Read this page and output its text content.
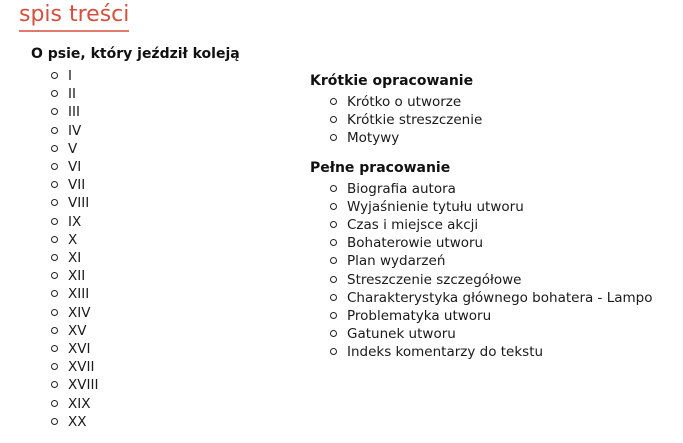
spis treści
O psie, który jeździł koleją
I
II
III
IV
V
VI
VII
VIII
IX
X
XI
XII
XIII
XIV
XV
XVI
XVII
XVIII
XIX
XX
Krótkie opracowanie
Krótko o utworze
Krótkie streszczenie
Motywy
Pełne pracowanie
Biografia autora
Wyjaśnienie tytułu utworu
Czas i miejsce akcji
Bohaterowie utworu
Plan wydarzeń
Streszczenie szczegółowe
Charakterystyka głównego bohatera - Lampo
Problematyka utworu
Gatunek utworu
Indeks komentarzy do tekstu
